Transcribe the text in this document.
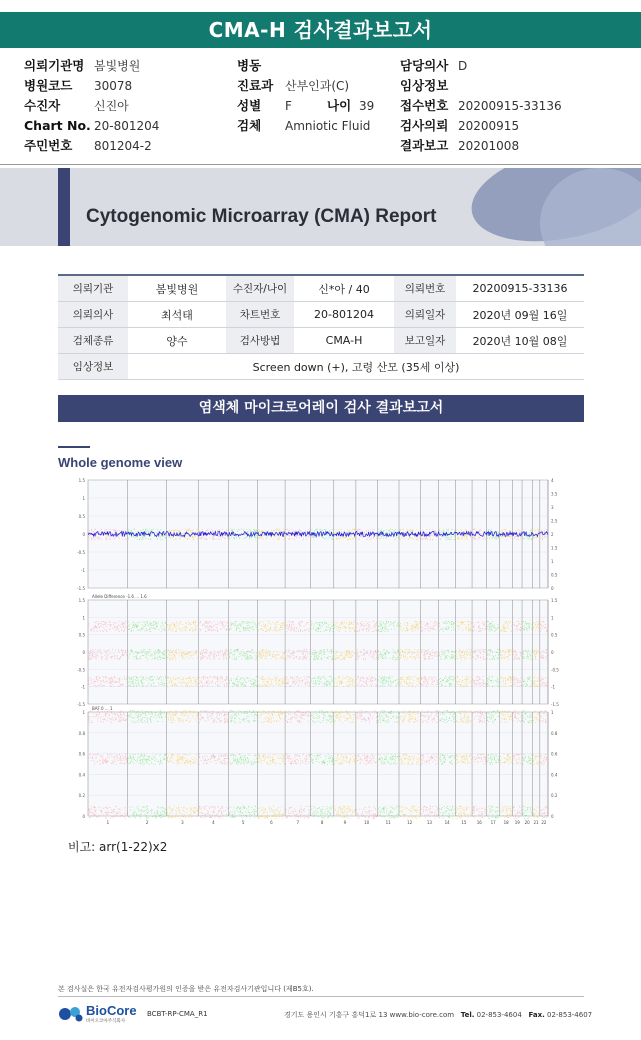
CMA-H 검사결과보고서
의뢰기관명 봄빛병원
병원코드 30078
수진자	신진아
Chart No. 20-801204
주민번호 801204-2
병동
진료과 산부인과(C)
성별 F	나이 39
검체 Amniotic Fluid
담당의사 D
임상정보
접수번호 20200915-33136
검사의뢰 20200915
결과보고 20201008
Cytogenomic Microarray (CMA) Report
의뢰기관	봄빛병원	수진자/나이	신*아 / 40	의뢰번호	20200915-33136
의뢰의사	최석태	차트번호	20-801204	의뢰일자	2020년 09월 16일
검체종류	양수	검사방법	CMA-H	보고일자	2020년 10월 08일
임상정보	Screen down (+), 고령 산모 (35세 이상)				
염색체 마이크로어레이 검사 결과보고서
Whole genome view
1.5
1
0.5
0
-0.5
-1
-1.5
4
3.5
3
2.5
2
1.5
1
0.5
0
1.5
1
0.5
0
-0.5
-1
-1.5
1.5
1
0.5
0
-0.5
-1
-1.5
Allele Difference -1.6 ... 1.6
1
0.8
0.6
0.4
0.2
0
1
0.8
0.6
0.4
0.2
0
BAF 0 ... 1
1	2	3	4	5	6	7	8	9	10	11	12	13	14	15	16 17 18 19 20 21 22
비고: arr(1-22)x2
본 검사실은 한국 유전자검사평가원의 인증을 받은 유전자검사기관입니다 (제B5호).
BioCore
바이오코아주식회사
BCBT-RP-CMA_R1	경기도 용인시 기흥구 흥덕1로 13 www.bio-core.com Tel. 02-853-4604 Fax. 02-853-4607
